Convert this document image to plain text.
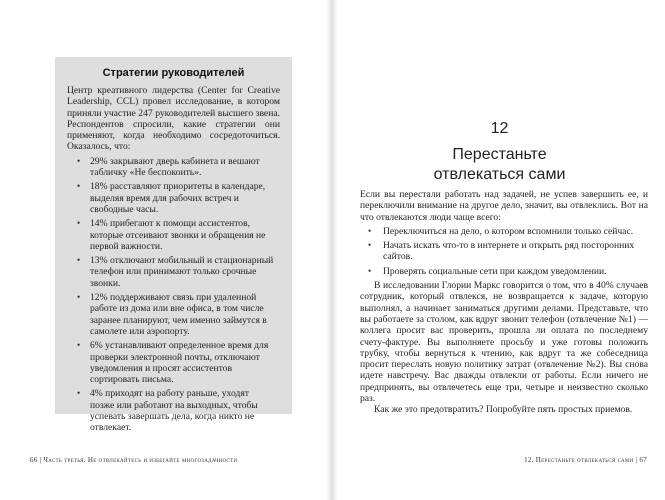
Стратегии руководителей

Центр креативного лидерства (Center for Creative Leadership, CCL) провел исследование, в котором приняли участие 247 руководителей высшего звена. Респондентов спросили, какие стратегии они применяют, когда необходимо сосредоточиться. Оказалось, что:

• 29% закрывают дверь кабинета и вешают табличку «Не беспокоить».
• 18% расставляют приоритеты в календаре, выделяя время для рабочих встреч и свободные часы.
• 14% прибегают к помощи ассистентов, которые отсеивают звонки и обращения не первой важности.
• 13% отключают мобильный и стационарный телефон или принимают только срочные звонки.
• 12% поддерживают связь при удаленной работе из дома или вне офиса, в том числе заранее планируют, чем именно займутся в самолете или аэропорту.
• 6% устанавливают определенное время для проверки электронной почты, отключают уведомления и просят ассистентов сортировать письма.
• 4% приходят на работу раньше, уходят позже или работают на выходных, чтобы успевать завершать дела, когда никто не отвлекает.
66 | Часть третья. Не отвлекайтесь и избегайте многозадачности
12
Перестаньте
отвлекаться сами

Если вы перестали работать над задачей, не успев завершить ее, и переключили внимание на другое дело, значит, вы отвлеклись. Вот на что отвлекаются люди чаще всего:

• Переключиться на дело, о котором вспомнили только сейчас.
• Начать искать что-то в интернете и открыть ряд посторонних сайтов.
• Проверять социальные сети при каждом уведомлении.

В исследовании Глории Маркс говорится о том, что в 40% случаев сотрудник, который отвлекся, не возвращается к задаче, которую выполнял, а начинает заниматься другими делами. Представьте, что вы работаете за столом, как вдруг звонит телефон (отвлечение №1) — коллега просит вас проверить, прошла ли оплата по последнему счету-фактуре. Вы выполняете просьбу и уже готовы положить трубку, чтобы вернуться к чтению, как вдруг та же собеседница просит переслать новую политику затрат (отвлечение №2). Вы снова идете навстречу. Вас дважды отвлекли от работы. Если ничего не предпринять, вы отвлечетесь еще три, четыре и неизвестно сколько раз.

Как же это предотвратить? Попробуйте пять простых приемов.

12. Перестаньте отвлекаться сами | 67
